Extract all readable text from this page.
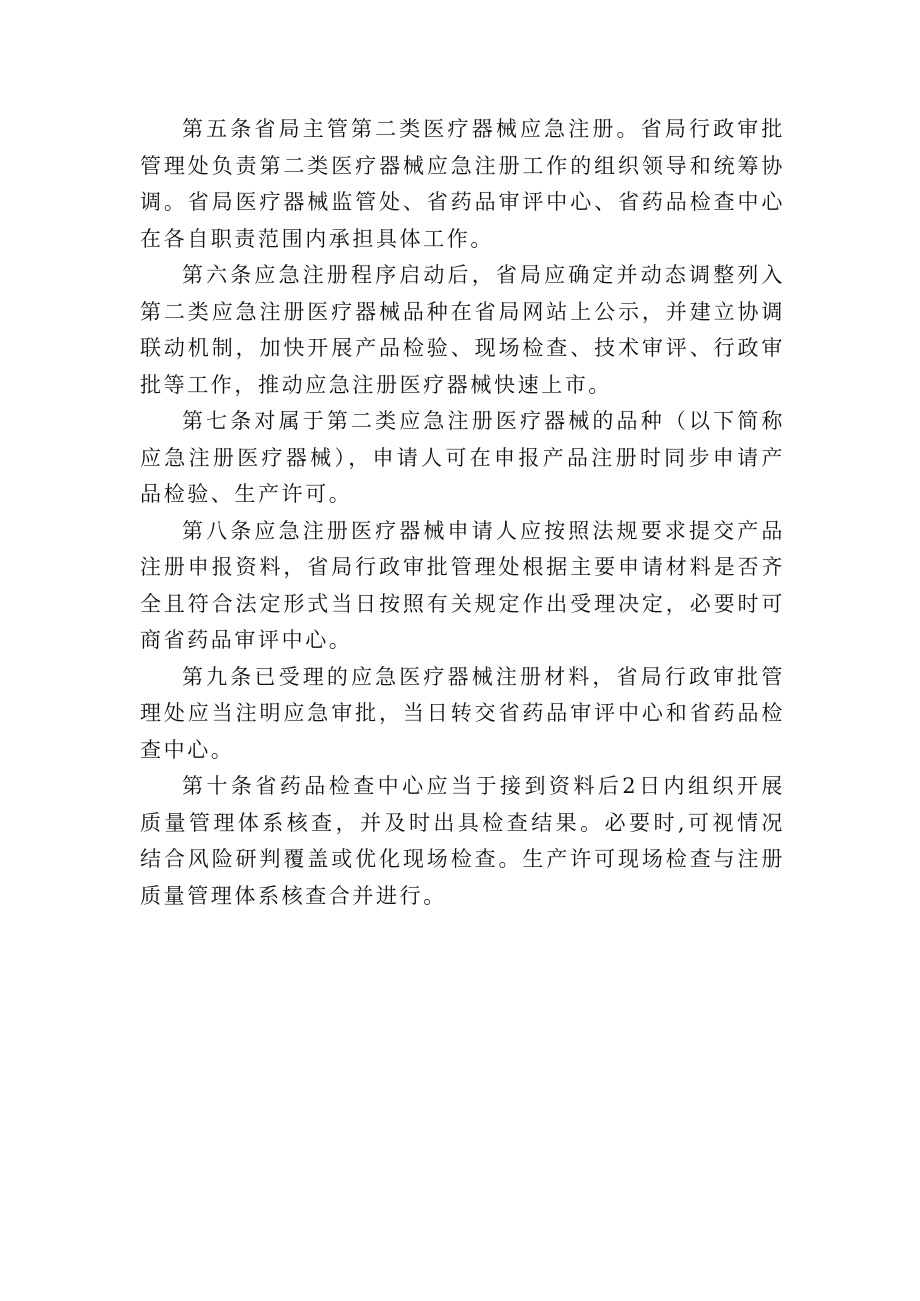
第五条省局主管第二类医疗器械应急注册。省局行政审批管理处负责第二类医疗器械应急注册工作的组织领导和统筹协调。省局医疗器械监管处、省药品审评中心、省药品检查中心在各自职责范围内承担具体工作。

第六条应急注册程序启动后，省局应确定并动态调整列入第二类应急注册医疗器械品种在省局网站上公示，并建立协调联动机制，加快开展产品检验、现场检查、技术审评、行政审批等工作，推动应急注册医疗器械快速上市。

第七条对属于第二类应急注册医疗器械的品种（以下简称应急注册医疗器械），申请人可在申报产品注册时同步申请产品检验、生产许可。

第八条应急注册医疗器械申请人应按照法规要求提交产品注册申报资料，省局行政审批管理处根据主要申请材料是否齐全且符合法定形式当日按照有关规定作出受理决定，必要时可商省药品审评中心。

第九条已受理的应急医疗器械注册材料，省局行政审批管理处应当注明应急审批，当日转交省药品审评中心和省药品检查中心。

第十条省药品检查中心应当于接到资料后2日内组织开展质量管理体系核查，并及时出具检查结果。必要时,可视情况结合风险研判覆盖或优化现场检查。生产许可现场检查与注册质量管理体系核查合并进行。
